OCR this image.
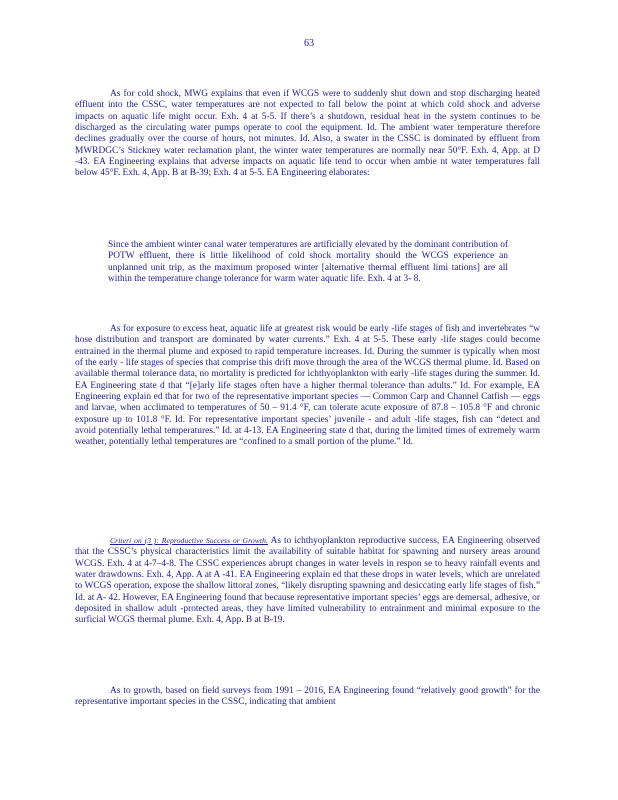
63

As for cold shock, MWG explains that even if WCGS were to suddenly shut down and stop discharging heated effluent into the CSSC, water temperatures are not expected to fall below the point at which cold shock and adverse impacts on aquatic life might occur. Exh. 4 at 5-5. If there’s a shutdown, residual heat in the system continues to be discharged as the circulating water pumps operate to cool the equipment. Id. The ambient water temperature therefore declines gradually over the course of hours, not minutes. Id. Also, a swater in the CSSC is dominated by effluent from MWRDGC’s Stickney water reclamation plant, the winter water temperatures are normally near 50°F. Exh. 4, App. at D -43. EA Engineering explains that adverse impacts on aquatic life tend to occur when ambie nt water temperatures fall below 45°F. Exh. 4, App. B at B-39; Exh. 4 at 5-5. EA Engineering elaborates:

Since the ambient winter canal water temperatures are artificially elevated by the dominant contribution of POTW effluent, there is little likelihood of cold shock mortality should the WCGS experience an unplanned unit trip, as the maximum proposed winter [alternative thermal effluent limi tations] are all within the temperature change tolerance for warm water aquatic life. Exh. 4 at 3- 8.

As for exposure to excess heat, aquatic life at greatest risk would be early -life stages of fish and invertebrates “w hose distribution and transport are dominated by water currents.” Exh. 4 at 5-5. These early -life stages could become entrained in the thermal plume and exposed to rapid temperature increases. Id. During the summer is typically when most of the early - life stages of species that comprise this drift move through the area of the WCGS thermal plume. Id. Based on available thermal tolerance data, no mortality is predicted for ichthyoplankton with early -life stages during the summer. Id. EA Engineering state d that “[e]arly life stages often have a higher thermal tolerance than adults.” Id. For example, EA Engineering explain ed that for two of the representative important species — Common Carp and Channel Catfish — eggs and larvae, when acclimated to temperatures of 50 – 91.4 °F, can tolerate acute exposure of 87.8 – 105.8 °F and chronic exposure up to 101.8 °F. Id. For representative important species’ juvenile - and adult -life stages, fish can “detect and avoid potentially lethal temperatures.” Id. at 4-13. EA Engineering state d that, during the limited times of extremely warm weather, potentially lethal temperatures are “confined to a small portion of the plume.” Id.

Criteri on (3 ): Reproductive Success or Growth. As to ichthyoplankton reproductive success, EA Engineering observed that the CSSC’s physical characteristics limit the availability of suitable habitat for spawning and nursery areas around WCGS. Exh. 4 at 4-7–4-8. The CSSC experiences abrupt changes in water levels in respon se to heavy rainfall events and water drawdowns. Exh. 4, App. A at A -41. EA Engineering explain ed that these drops in water levels, which are unrelated to WCGS operation, expose the shallow littoral zones, “likely disrupting spawning and desiccating early life stages of fish.” Id. at A- 42. However, EA Engineering found that because representative important species’ eggs are demersal, adhesive, or deposited in shallow adult -protected areas, they have limited vulnerability to entrainment and minimal exposure to the surficial WCGS thermal plume. Exh. 4, App. B at B-19.

As to growth, based on field surveys from 1991 – 2016, EA Engineering found “relatively good growth” for the representative important species in the CSSC, indicating that ambient
